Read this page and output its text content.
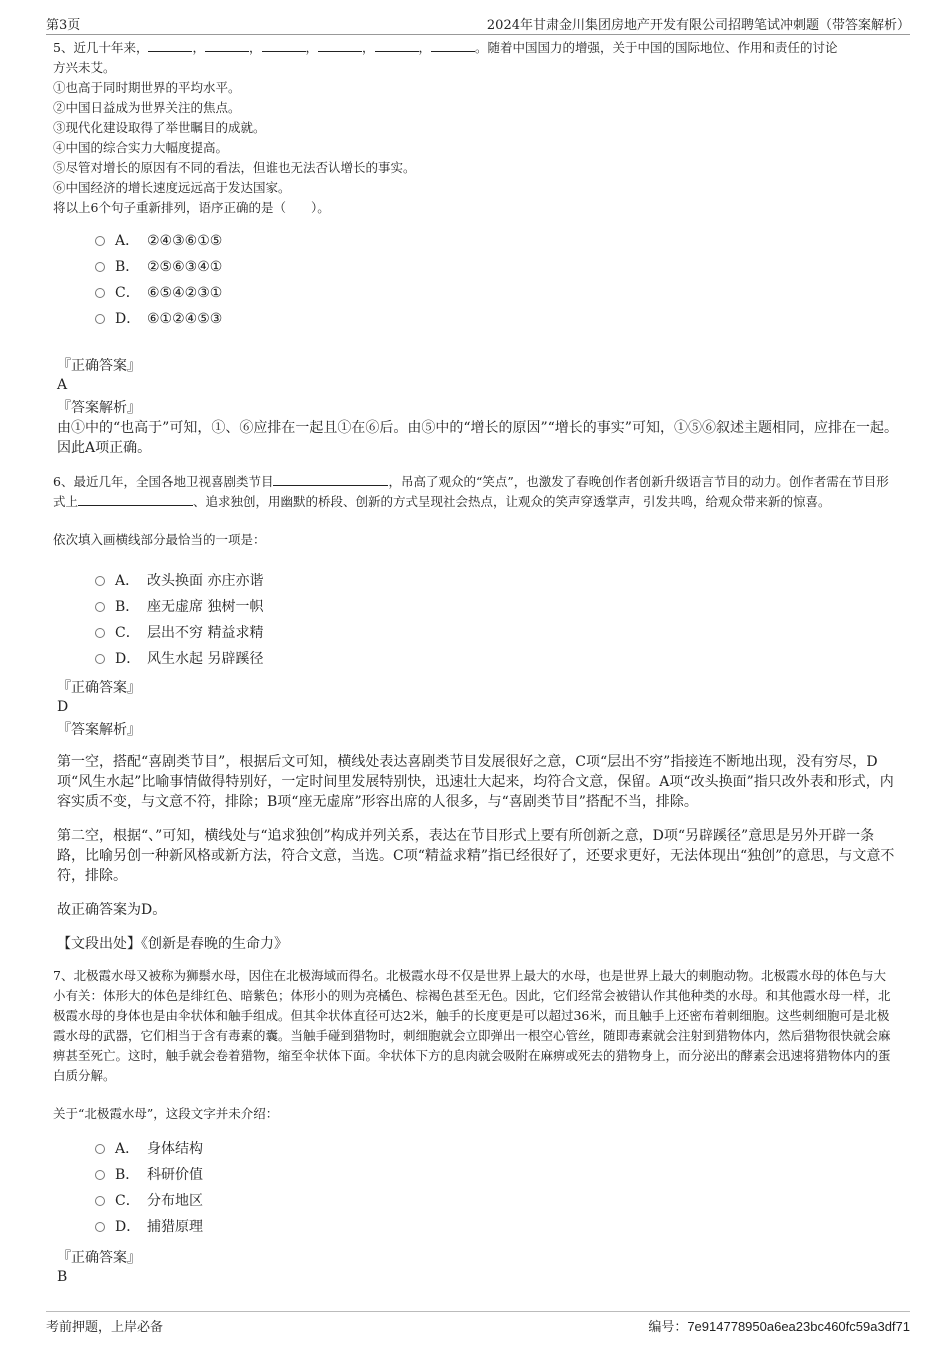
第3页	2024年甘肃金川集团房地产开发有限公司招聘笔试冲刺题（带答案解析）

5、近几十年来，	，	，	，	，	，	。随着中国国力的增强，关于中国的国际地位、作用和责任的讨论

方兴未艾。

①也高于同时期世界的平均水平。

②中国日益成为世界关注的焦点。

③现代化建设取得了举世瞩目的成就。

④中国的综合实力大幅度提高。

⑤尽管对增长的原因有不同的看法，但谁也无法否认增长的事实。

⑥中国经济的增长速度远远高于发达国家。

将以上6个句子重新排列，语序正确的是（　　）。

A． ②④③⑥①⑤
B． ②⑤⑥③④①
C． ⑥⑤④②③①
D． ⑥①②④⑤③
『正确答案』
A
『答案解析』
由①中的“也高于”可知，①、⑥应排在一起且①在⑥后。由⑤中的“增长的原因”“增长的事实”可知，①⑤⑥叙述主题相同，应排在一起。因此A项正确。

6、最近几年，全国各地卫视喜剧类节目	，吊高了观众的“笑点”，也激发了春晚创作者创新升级语言节目的动力。创作者需在节目形式上	、追求独创，用幽默的桥段、创新的方式呈现社会热点，让观众的笑声穿透掌声，引发共鸣，给观众带来新的惊喜。

依次填入画横线部分最恰当的一项是：

A． 改头换面 亦庄亦谐
B． 座无虚席 独树一帜
C． 层出不穷 精益求精
D． 风生水起 另辟蹊径
『正确答案』
D
『答案解析』
第一空，搭配“喜剧类节目”，根据后文可知，横线处表达喜剧类节目发展很好之意，C项“层出不穷”指接连不断地出现，没有穷尽，D项“风生水起”比喻事情做得特别好，一定时间里发展特别快，迅速壮大起来，均符合文意，保留。A项“改头换面”指只改外表和形式，内容实质不变，与文意不符，排除；B项“座无虚席”形容出席的人很多，与“喜剧类节目”搭配不当，排除。
第二空，根据“、”可知，横线处与“追求独创”构成并列关系，表达在节目形式上要有所创新之意，D项“另辟蹊径”意思是另外开辟一条路，比喻另创一种新风格或新方法，符合文意，当选。C项“精益求精”指已经很好了，还要求更好，无法体现出“独创”的意思，与文意不符，排除。
故正确答案为D。
【文段出处】《创新是春晚的生命力》

7、北极霞水母又被称为狮鬃水母，因住在北极海域而得名。北极霞水母不仅是世界上最大的水母，也是世界上最大的刺胞动物。北极霞水母的体色与大小有关：体形大的体色是绯红色、暗紫色；体形小的则为亮橘色、棕褐色甚至无色。因此，它们经常会被错认作其他种类的水母。和其他霞水母一样，北极霞水母的身体也是由伞状体和触手组成。但其伞状体直径可达2米，触手的长度更是可以超过36米，而且触手上还密布着刺细胞。这些刺细胞可是北极霞水母的武器，它们相当于含有毒素的囊。当触手碰到猎物时，刺细胞就会立即弹出一根空心管丝，随即毒素就会注射到猎物体内，然后猎物很快就会麻痹甚至死亡。这时，触手就会卷着猎物，缩至伞状体下面。伞状体下方的息肉就会吸附在麻痹或死去的猎物身上，而分泌出的酵素会迅速将猎物体内的蛋白质分解。

关于“北极霞水母”，这段文字并未介绍：

A． 身体结构
B． 科研价值
C． 分布地区
D． 捕猎原理
『正确答案』
B
考前押题，上岸必备	编号：7e914778950a6ea23bc460fc59a3df71
